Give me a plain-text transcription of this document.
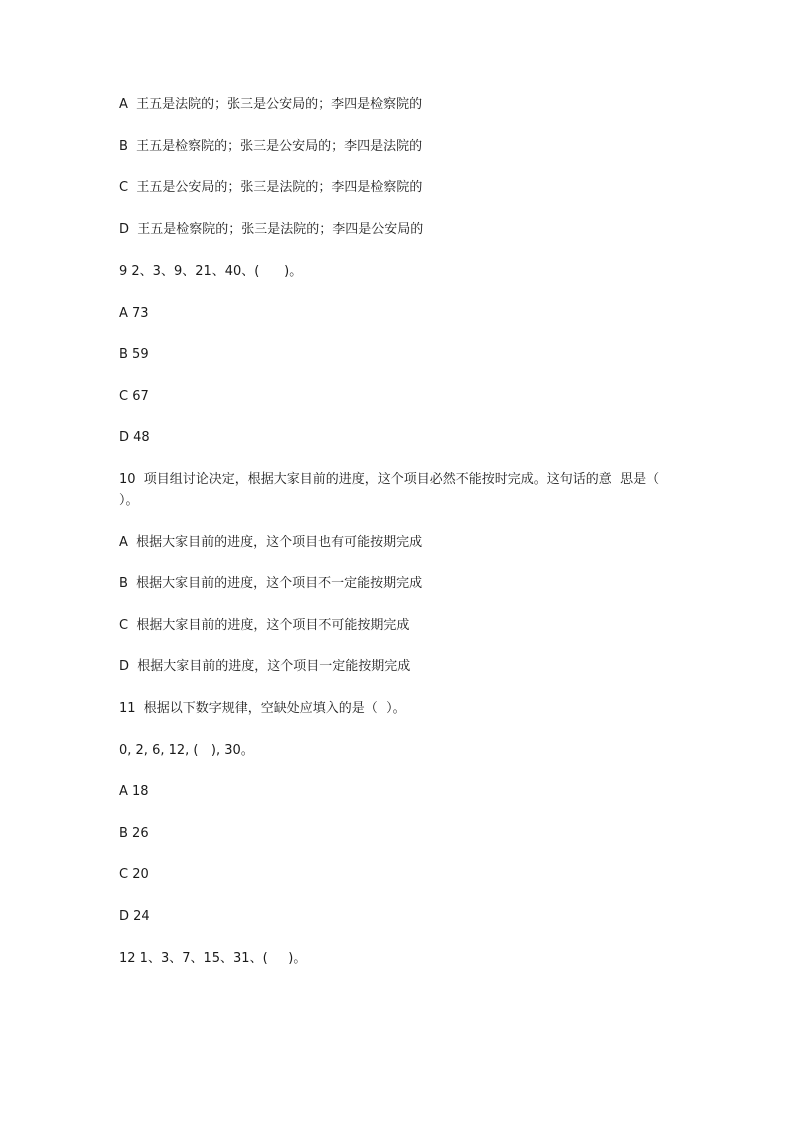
A  王五是法院的；张三是公安局的；李四是检察院的
B  王五是检察院的；张三是公安局的；李四是法院的
C  王五是公安局的；张三是法院的；李四是检察院的
D  王五是检察院的；张三是法院的；李四是公安局的
9 2、3、9、21、40、(      )。
A 73
B 59
C 67
D 48
10  项目组讨论决定，根据大家目前的进度，这个项目必然不能按时完成。这句话的意  思是（   ）。
A  根据大家目前的进度，这个项目也有可能按期完成
B  根据大家目前的进度，这个项目不一定能按期完成
C  根据大家目前的进度，这个项目不可能按期完成
D  根据大家目前的进度，这个项目一定能按期完成
11  根据以下数字规律，空缺处应填入的是（  ）。
0, 2, 6, 12, (   ), 30。
A 18
B 26
C 20
D 24
12 1、3、7、15、31、(     )。
